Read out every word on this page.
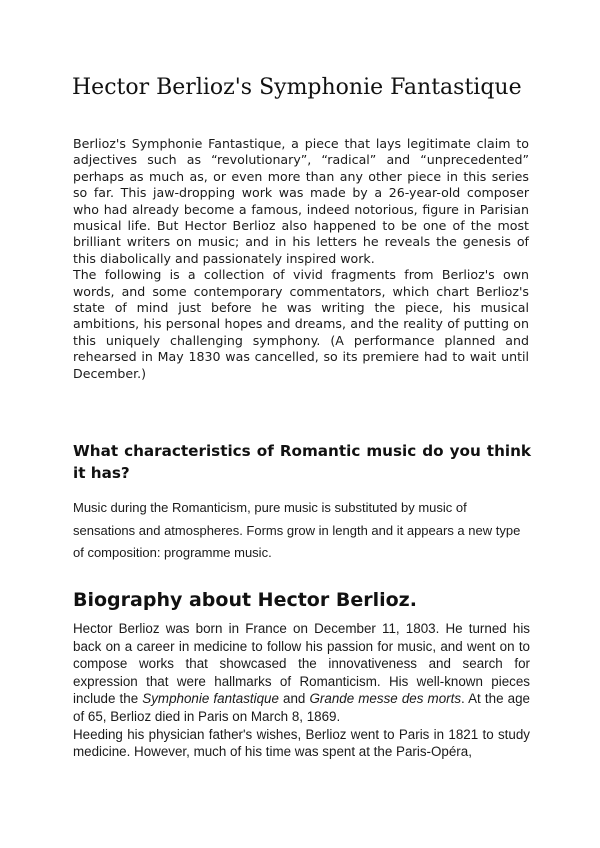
Hector Berlioz's Symphonie Fantastique

Berlioz's Symphonie Fantastique, a piece that lays legitimate claim to adjectives such as “revolutionary”, “radical” and “unprecedented” perhaps as much as, or even more than any other piece in this series so far. This jaw-dropping work was made by a 26-year-old composer who had already become a famous, indeed notorious, figure in Parisian musical life. But Hector Berlioz also happened to be one of the most brilliant writers on music; and in his letters he reveals the genesis of this diabolically and passionately inspired work.

The following is a collection of vivid fragments from Berlioz's own words, and some contemporary commentators, which chart Berlioz's state of mind just before he was writing the piece, his musical ambitions, his personal hopes and dreams, and the reality of putting on this uniquely challenging symphony. (A performance planned and rehearsed in May 1830 was cancelled, so its premiere had to wait until December.)

What characteristics of Romantic music do you think it has?

Music during the Romanticism, pure music is substituted by music of sensations and atmospheres. Forms grow in length and it appears a new type of composition: programme music.

Biography about Hector Berlioz.

Hector Berlioz was born in France on December 11, 1803. He turned his back on a career in medicine to follow his passion for music, and went on to compose works that showcased the innovativeness and search for expression that were hallmarks of Romanticism. His well-known pieces include the Symphonie fantastique and Grande messe des morts. At the age of 65, Berlioz died in Paris on March 8, 1869.

Heeding his physician father's wishes, Berlioz went to Paris in 1821 to study medicine. However, much of his time was spent at the Paris-Opéra,
